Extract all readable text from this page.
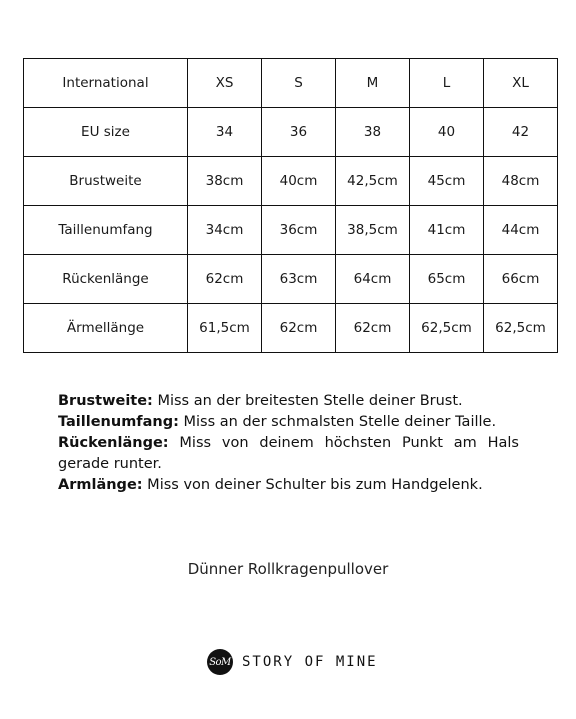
International	XS	S	M	L	XL
EU size	34	36	38	40	42
Brustweite	38cm	40cm	42,5cm	45cm	48cm
Taillenumfang	34cm	36cm	38,5cm	41cm	44cm
Rückenlänge	62cm	63cm	64cm	65cm	66cm
Ärmellänge	61,5cm	62cm	62cm	62,5cm	62,5cm
Brustweite: Miss an der breitesten Stelle deiner Brust.
Taillenumfang: Miss an der schmalsten Stelle deiner Taille.
Rückenlänge: Miss von deinem höchsten Punkt am Hals gerade runter.
Armlänge: Miss von deiner Schulter bis zum Handgelenk.
Dünner Rollkragenpullover
SoM STORY OF MINE
